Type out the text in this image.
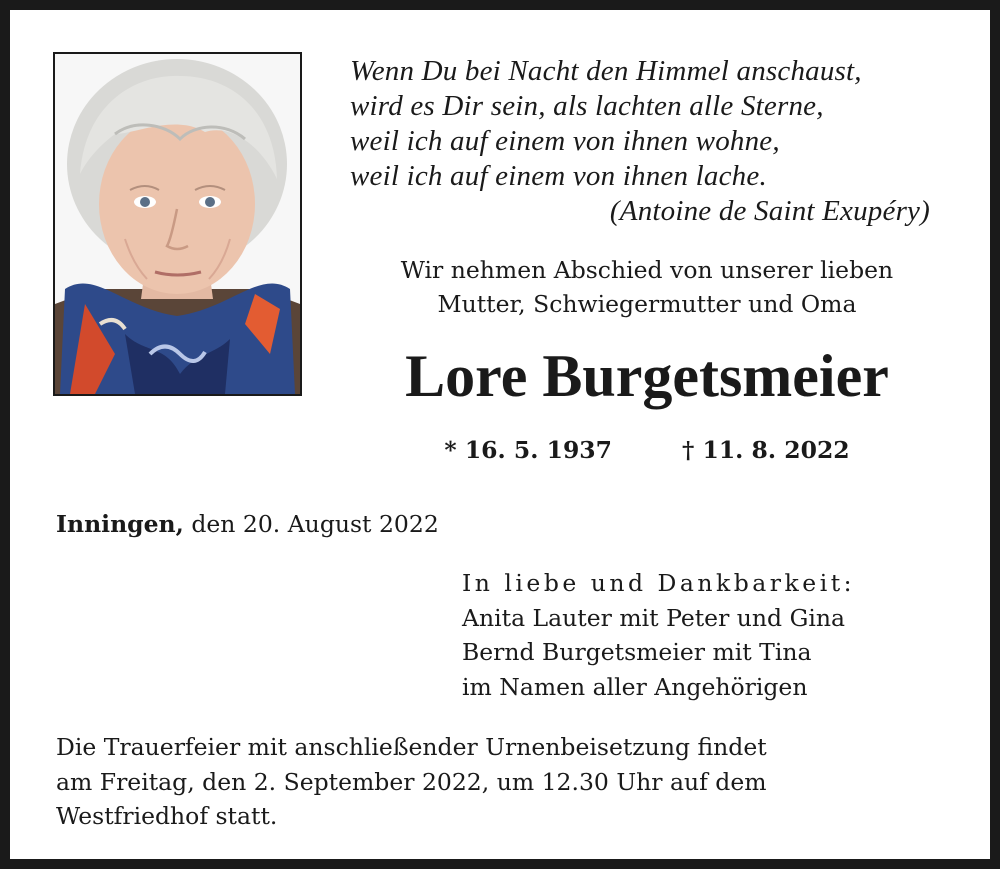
Wenn Du bei Nacht den Himmel anschaust,
wird es Dir sein, als lachten alle Sterne,
weil ich auf einem von ihnen wohne,
weil ich auf einem von ihnen lache.
(Antoine de Saint Exupéry)
Wir nehmen Abschied von unserer lieben
Mutter, Schwiegermutter und Oma
Lore Burgetsmeier
* 16. 5. 1937	† 11. 8. 2022
Inningen, den 20. August 2022
In liebe und Dankbarkeit:
Anita Lauter mit Peter und Gina
Bernd Burgetsmeier mit Tina
im Namen aller Angehörigen
Die Trauerfeier mit anschließender Urnenbeisetzung findet
am Freitag, den 2. September 2022, um 12.30 Uhr auf dem
Westfriedhof statt.
